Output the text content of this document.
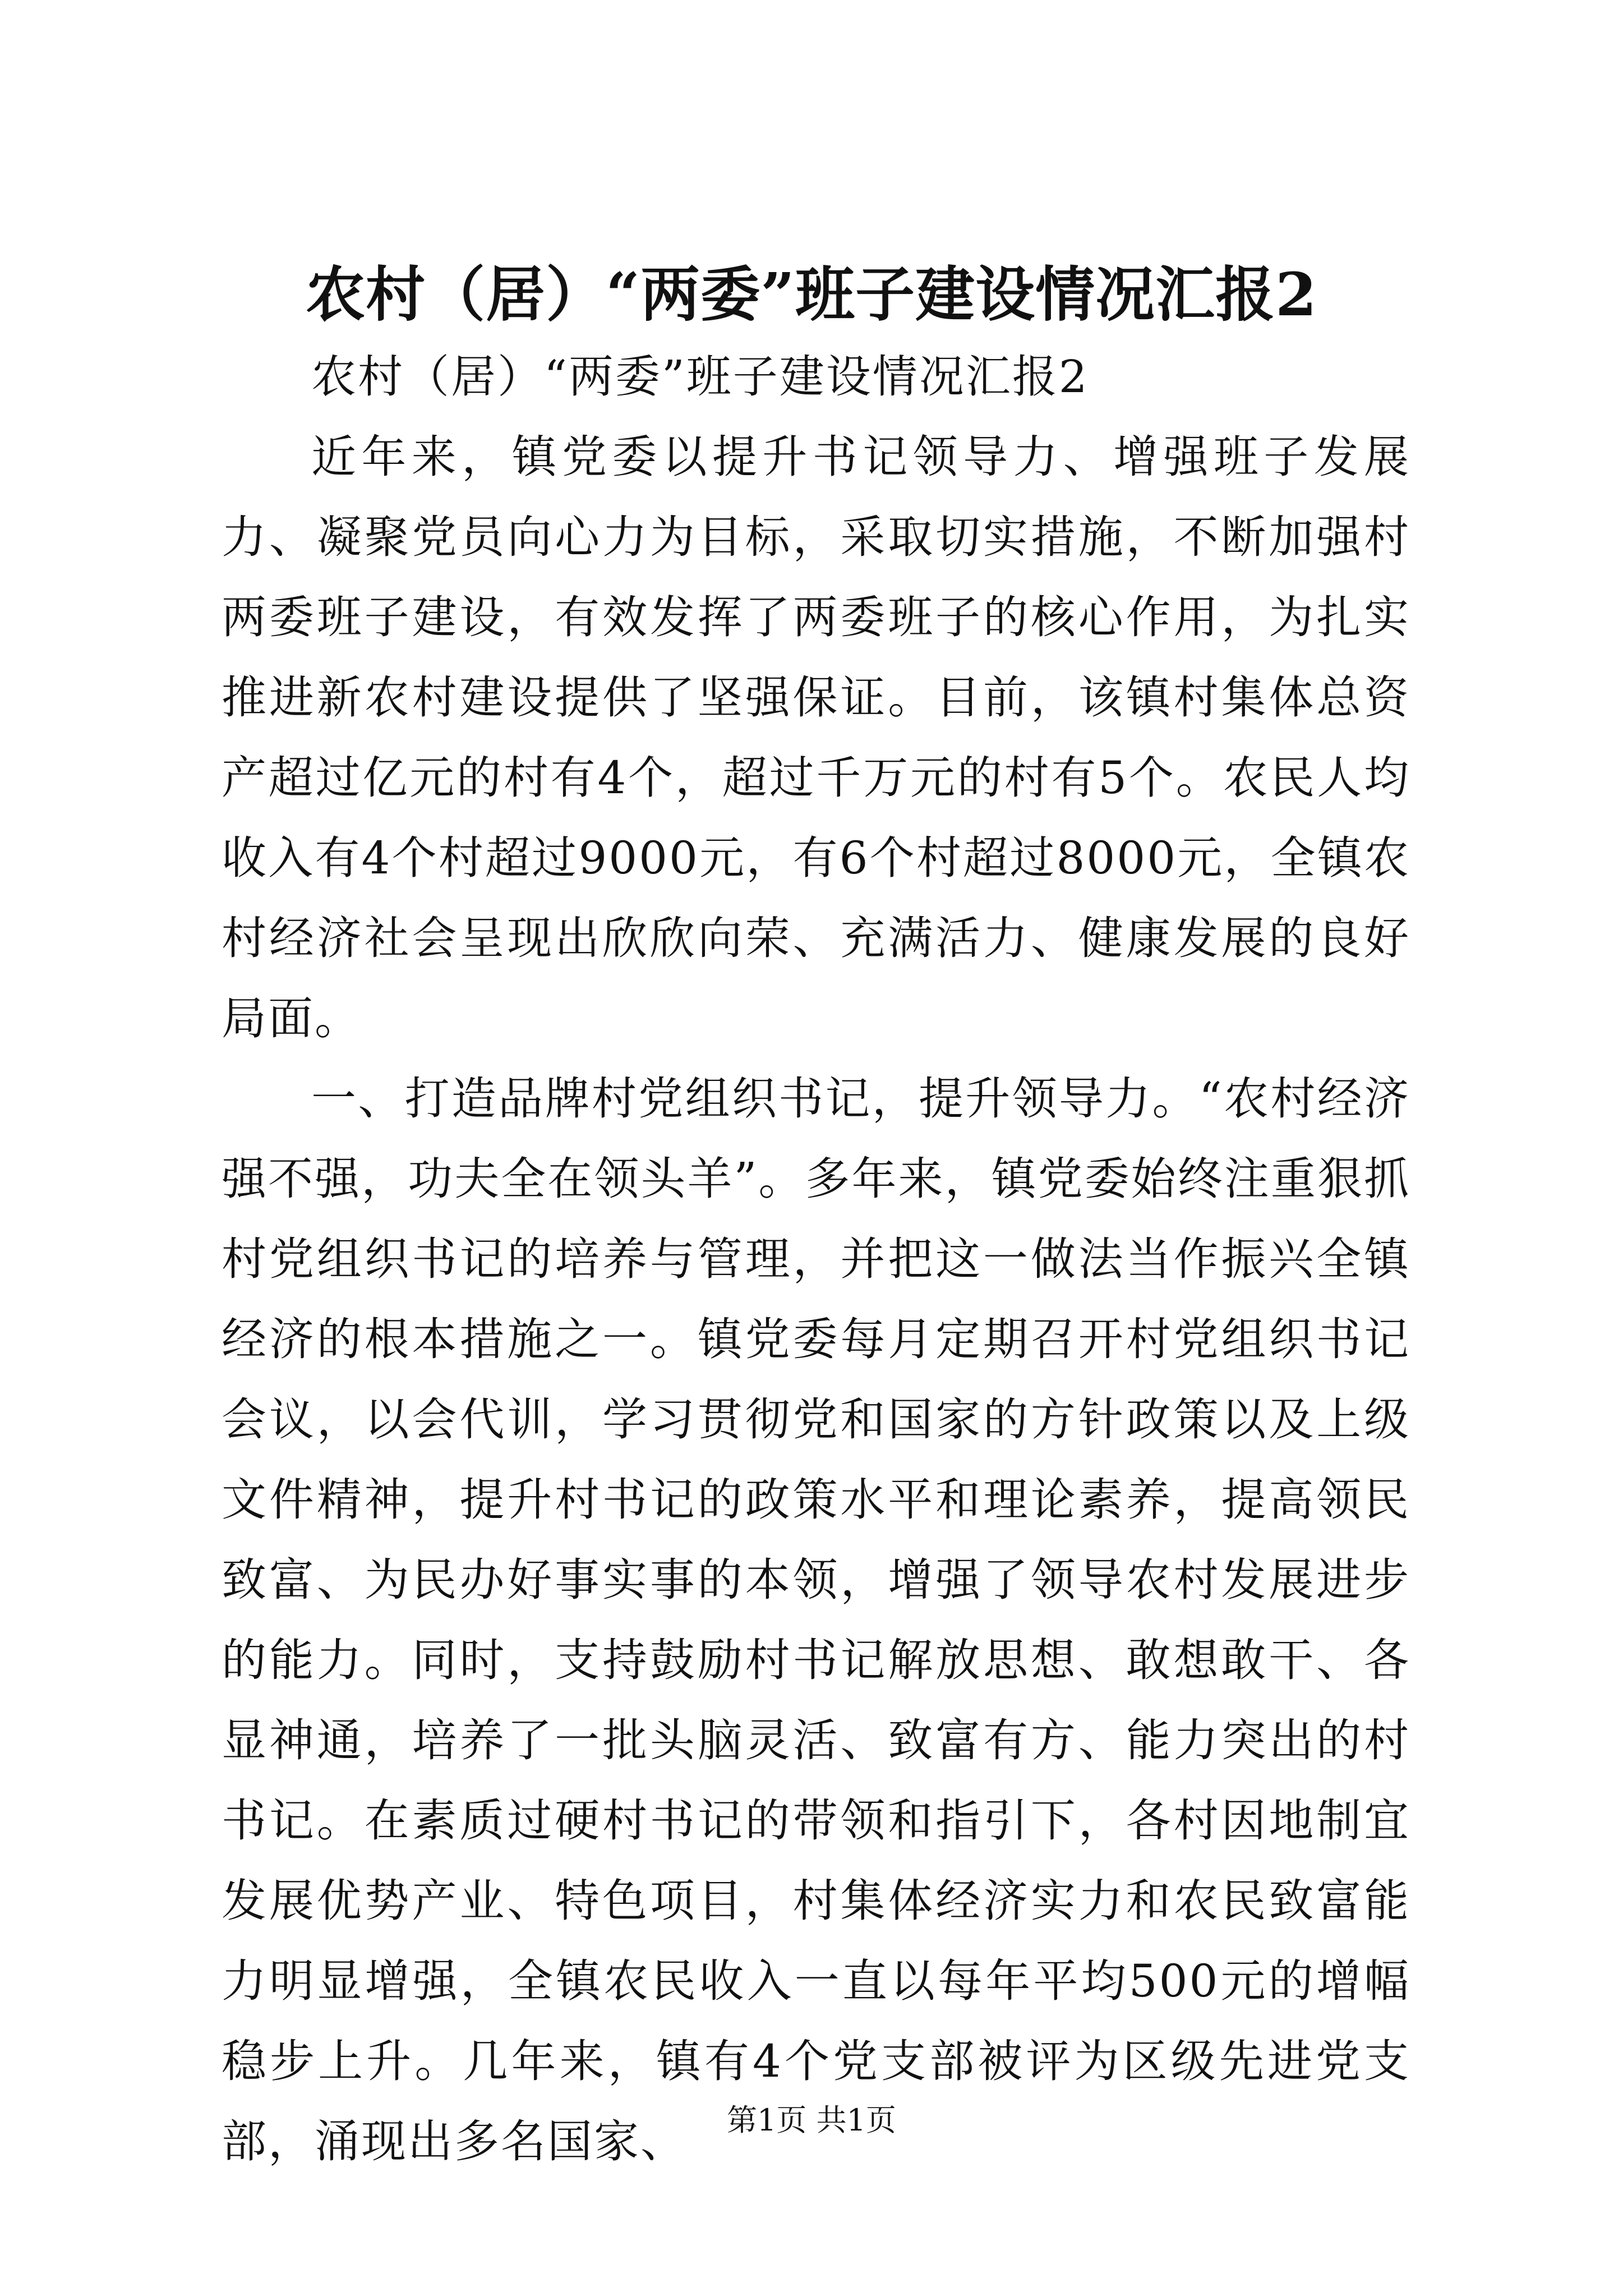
农村（居）“两委”班子建设情况汇报2

农村（居）“两委”班子建设情况汇报2

近年来，镇党委以提升书记领导力、增强班子发展力、凝聚党员向心力为目标，采取切实措施，不断加强村两委班子建设，有效发挥了两委班子的核心作用，为扎实推进新农村建设提供了坚强保证。目前，该镇村集体总资产超过亿元的村有4个，超过千万元的村有5个。农民人均收入有4个村超过9000元，有6个村超过8000元，全镇农村经济社会呈现出欣欣向荣、充满活力、健康发展的良好局面。

一、打造品牌村党组织书记，提升领导力。“农村经济强不强，功夫全在领头羊”。多年来，镇党委始终注重狠抓村党组织书记的培养与管理，并把这一做法当作振兴全镇经济的根本措施之一。镇党委每月定期召开村党组织书记会议，以会代训，学习贯彻党和国家的方针政策以及上级文件精神，提升村书记的政策水平和理论素养，提高领民致富、为民办好事实事的本领，增强了领导农村发展进步的能力。同时，支持鼓励村书记解放思想、敢想敢干、各显神通，培养了一批头脑灵活、致富有方、能力突出的村书记。在素质过硬村书记的带领和指引下，各村因地制宜发展优势产业、特色项目，村集体经济实力和农民致富能力明显增强，全镇农民收入一直以每年平均500元的增幅稳步上升。几年来，镇有4个党支部被评为区级先进党支部，涌现出多名国家、	第1页 共1页
